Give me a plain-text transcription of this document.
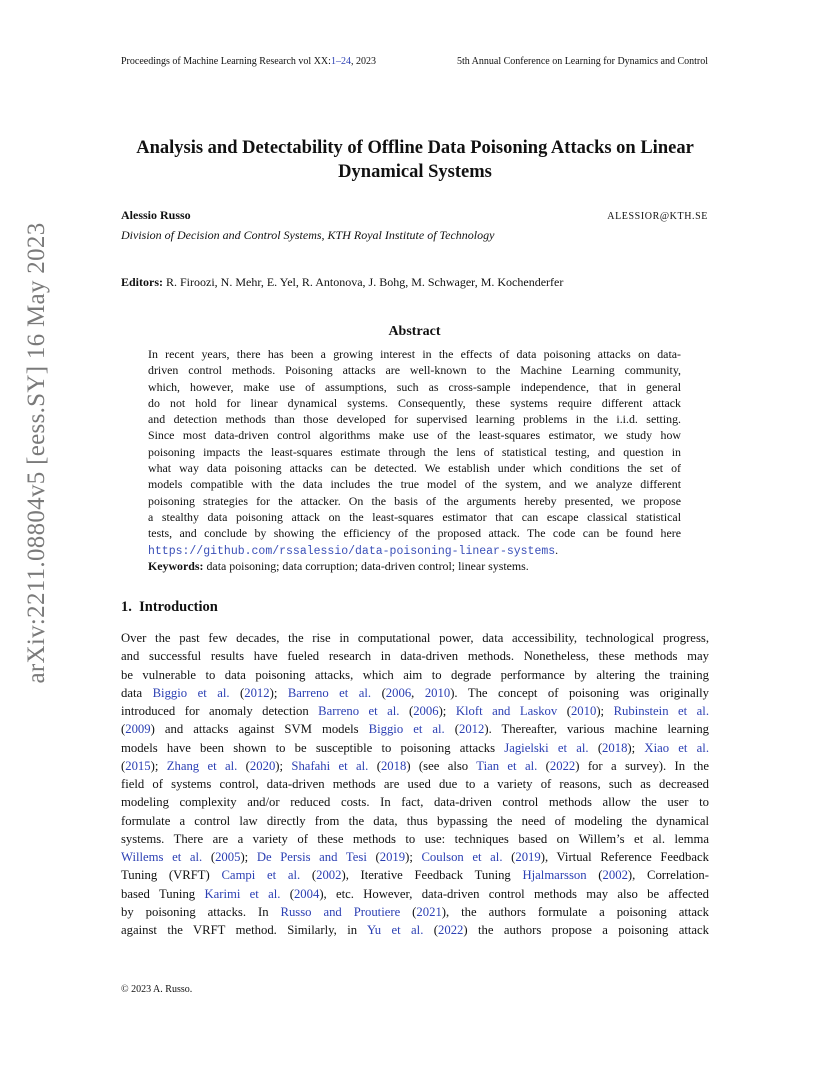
Proceedings of Machine Learning Research vol XX:1–24, 2023	5th Annual Conference on Learning for Dynamics and Control
arXiv:2211.08804v5 [eess.SY] 16 May 2023
Analysis and Detectability of Offline Data Poisoning Attacks on Linear
Dynamical Systems
Alessio Russo	ALESSIOR@KTH.SE
Division of Decision and Control Systems, KTH Royal Institute of Technology
Editors: R. Firoozi, N. Mehr, E. Yel, R. Antonova, J. Bohg, M. Schwager, M. Kochenderfer
Abstract
In recent years, there has been a growing interest in the effects of data poisoning attacks on data-
driven control methods. Poisoning attacks are well-known to the Machine Learning community,
which, however, make use of assumptions, such as cross-sample independence, that in general
do not hold for linear dynamical systems. Consequently, these systems require different attack
and detection methods than those developed for supervised learning problems in the i.i.d. setting.
Since most data-driven control algorithms make use of the least-squares estimator, we study how
poisoning impacts the least-squares estimate through the lens of statistical testing, and question in
what way data poisoning attacks can be detected. We establish under which conditions the set of
models compatible with the data includes the true model of the system, and we analyze different
poisoning strategies for the attacker. On the basis of the arguments hereby presented, we propose
a stealthy data poisoning attack on the least-squares estimator that can escape classical statistical
tests, and conclude by showing the efficiency of the proposed attack. The code can be found here
https://github.com/rssalessio/data-poisoning-linear-systems.
Keywords: data poisoning; data corruption; data-driven control; linear systems.
1. Introduction
Over the past few decades, the rise in computational power, data accessibility, technological progress,
and successful results have fueled research in data-driven methods. Nonetheless, these methods may
be vulnerable to data poisoning attacks, which aim to degrade performance by altering the training
data Biggio et al. (2012); Barreno et al. (2006, 2010). The concept of poisoning was originally
introduced for anomaly detection Barreno et al. (2006); Kloft and Laskov (2010); Rubinstein et al.
(2009) and attacks against SVM models Biggio et al. (2012). Thereafter, various machine learning
models have been shown to be susceptible to poisoning attacks Jagielski et al. (2018); Xiao et al.
(2015); Zhang et al. (2020); Shafahi et al. (2018) (see also Tian et al. (2022) for a survey). In the
field of systems control, data-driven methods are used due to a variety of reasons, such as decreased
modeling complexity and/or reduced costs. In fact, data-driven control methods allow the user to
formulate a control law directly from the data, thus bypassing the need of modeling the dynamical
systems. There are a variety of these methods to use: techniques based on Willem’s et al. lemma
Willems et al. (2005); De Persis and Tesi (2019); Coulson et al. (2019), Virtual Reference Feedback
Tuning (VRFT) Campi et al. (2002), Iterative Feedback Tuning Hjalmarsson (2002), Correlation-
based Tuning Karimi et al. (2004), etc. However, data-driven control methods may also be affected
by poisoning attacks. In Russo and Proutiere (2021), the authors formulate a poisoning attack
against the VRFT method. Similarly, in Yu et al. (2022) the authors propose a poisoning attack
© 2023 A. Russo.
